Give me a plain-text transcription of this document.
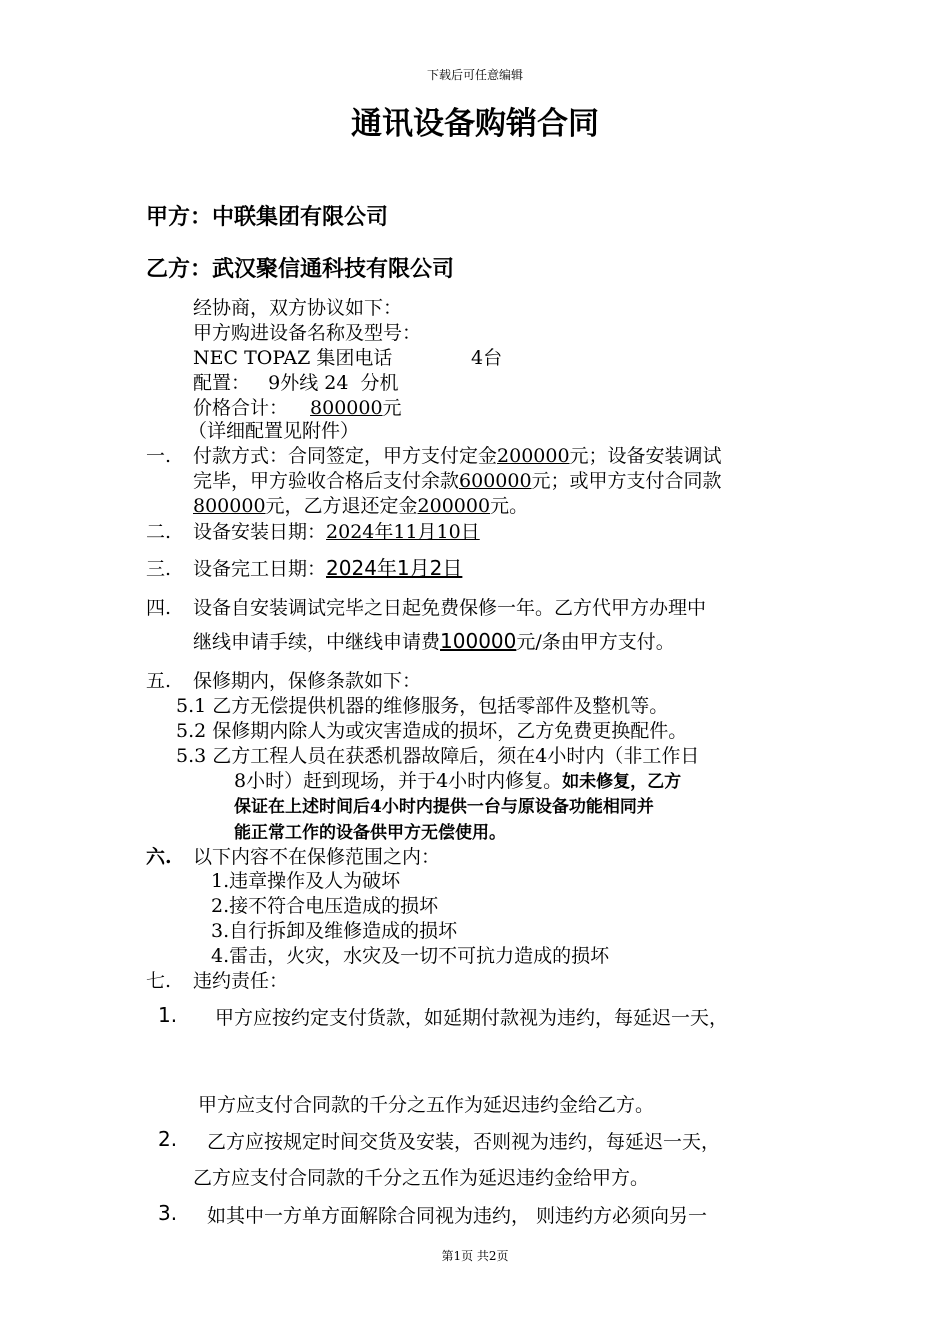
下载后可任意编辑
通讯设备购销合同
甲方：中联集团有限公司
乙方：武汉聚信通科技有限公司
经协商，双方协议如下：
甲方购进设备名称及型号：
NEC TOPAZ 集团电话	4台
配置：   9外线 24  分机
价格合计： 800000元
（详细配置见附件）
一. 付款方式：合同签定，甲方支付定金200000元；设备安装调试
完毕，甲方验收合格后支付余款600000元；或甲方支付合同款
800000元，乙方退还定金200000元。
二. 设备安装日期：2024年11月10日
三. 设备完工日期：2024年1月2日
四. 设备自安装调试完毕之日起免费保修一年。乙方代甲方办理中
继线申请手续，中继线申请费100000元/条由甲方支付。
五. 保修期内，保修条款如下：
5.1 乙方无偿提供机器的维修服务，包括零部件及整机等。
5.2 保修期内除人为或灾害造成的损坏，乙方免费更换配件。
5.3 乙方工程人员在获悉机器故障后，须在4小时内（非工作日
8小时）赶到现场，并于4小时内修复。如未修复，乙方
保证在上述时间后4小时内提供一台与原设备功能相同并
能正常工作的设备供甲方无偿使用。
六. 以下内容不在保修范围之内：
1.违章操作及人为破坏
2.接不符合电压造成的损坏
3.自行拆卸及维修造成的损坏
4.雷击，火灾，水灾及一切不可抗力造成的损坏
七. 违约责任：
1. 甲方应按约定支付货款，如延期付款视为违约，每延迟一天，
甲方应支付合同款的千分之五作为延迟违约金给乙方。
2. 乙方应按规定时间交货及安装，否则视为违约，每延迟一天，
乙方应支付合同款的千分之五作为延迟违约金给甲方。
3. 如其中一方单方面解除合同视为违约， 则违约方必须向另一
第1页 共2页
